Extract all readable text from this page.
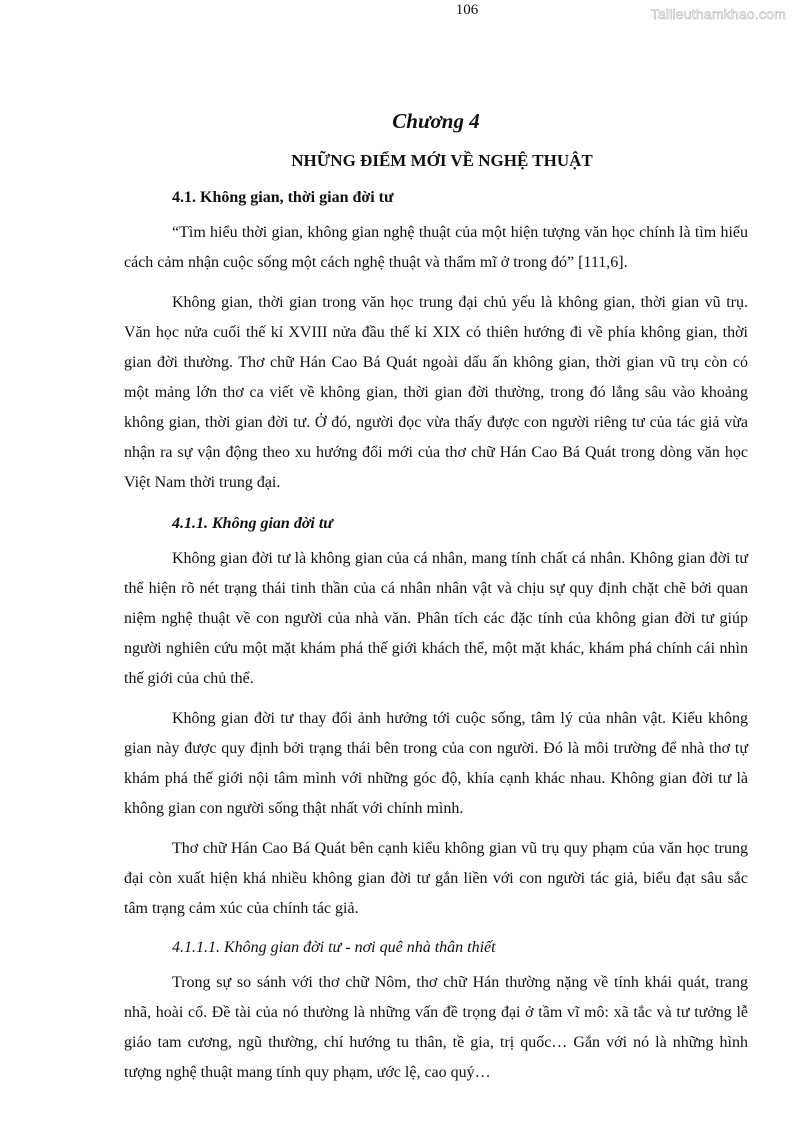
106	Tailieuthamkhao.com
Chương 4
NHỮNG ĐIỂM MỚI VỀ NGHỆ THUẬT
4.1. Không gian, thời gian đời tư

“Tìm hiểu thời gian, không gian nghệ thuật của một hiện tượng văn học chính là tìm hiểu cách cảm nhận cuộc sống một cách nghệ thuật và thẩm mĩ ở trong đó” [111,6].

Không gian, thời gian trong văn học trung đại chủ yếu là không gian, thời gian vũ trụ. Văn học nửa cuối thế kỉ XVIII nửa đầu thế kỉ XIX có thiên hướng đi về phía không gian, thời gian đời thường. Thơ chữ Hán Cao Bá Quát ngoài dấu ấn không gian, thời gian vũ trụ còn có một mảng lớn thơ ca viết về không gian, thời gian đời thường, trong đó lắng sâu vào khoảng không gian, thời gian đời tư. Ở đó, người đọc vừa thấy được con người riêng tư của tác giả vừa nhận ra sự vận động theo xu hướng đổi mới của thơ chữ Hán Cao Bá Quát trong dòng văn học Việt Nam thời trung đại.

4.1.1. Không gian đời tư

Không gian đời tư là không gian của cá nhân, mang tính chất cá nhân. Không gian đời tư thể hiện rõ nét trạng thái tinh thần của cá nhân nhân vật và chịu sự quy định chặt chẽ bởi quan niệm nghệ thuật về con người của nhà văn. Phân tích các đặc tính của không gian đời tư giúp người nghiên cứu một mặt khám phá thế giới khách thể, một mặt khác, khám phá chính cái nhìn thế giới của chủ thể.

Không gian đời tư thay đổi ảnh hưởng tới cuộc sống, tâm lý của nhân vật. Kiểu không gian này được quy định bởi trạng thái bên trong của con người. Đó là môi trường để nhà thơ tự khám phá thế giới nội tâm mình với những góc độ, khía cạnh khác nhau. Không gian đời tư là không gian con người sống thật nhất với chính mình.

Thơ chữ Hán Cao Bá Quát bên cạnh kiểu không gian vũ trụ quy phạm của văn học trung đại còn xuất hiện khá nhiều không gian đời tư gắn liền với con người tác giả, biểu đạt sâu sắc tâm trạng cảm xúc của chính tác giả.

4.1.1.1. Không gian đời tư - nơi quê nhà thân thiết

Trong sự so sánh với thơ chữ Nôm, thơ chữ Hán thường nặng về tính khái quát, trang nhã, hoài cổ. Đề tài của nó thường là những vấn đề trọng đại ở tầm vĩ mô: xã tắc và tư tưởng lễ giáo tam cương, ngũ thường, chí hướng tu thân, tề gia, trị quốc… Gắn với nó là những hình tượng nghệ thuật mang tính quy phạm, ước lệ, cao quý…
